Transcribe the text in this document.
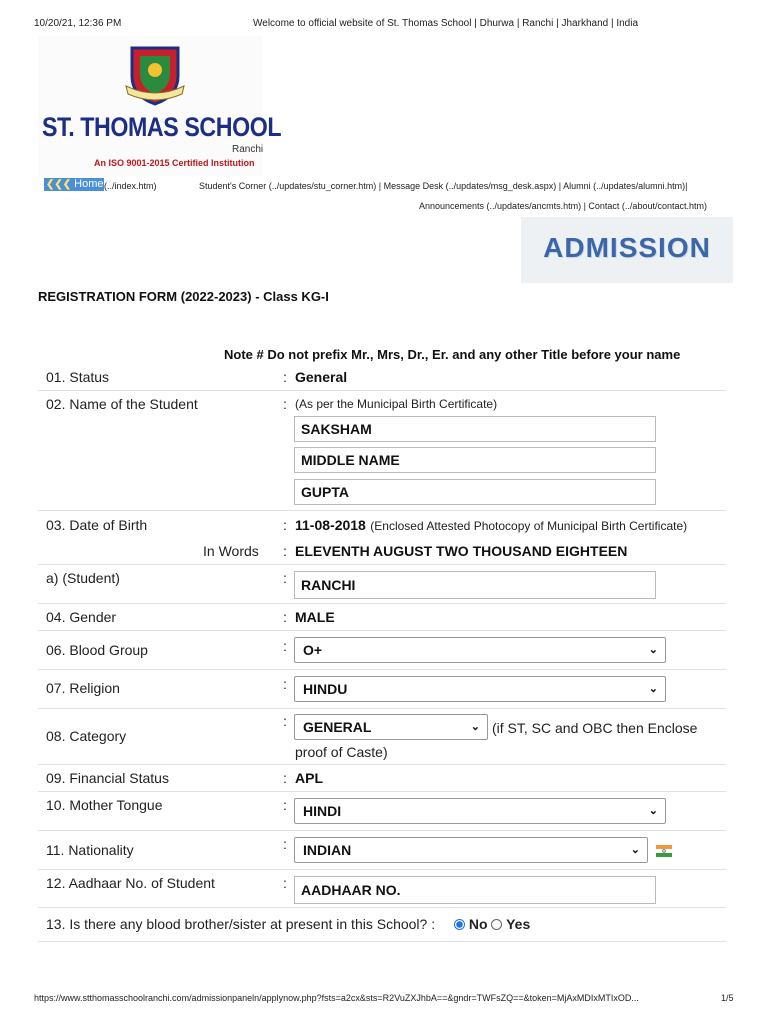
10/20/21, 12:36 PM	Welcome to official website of St. Thomas School | Dhurwa | Ranchi | Jharkhand | India
ST. THOMAS SCHOOL
Ranchi
An ISO 9001-2015 Certified Institution
❮❮❮ Home (../index.htm)	Student's Corner (../updates/stu_corner.htm) | Message Desk (../updates/msg_desk.aspx) | Alumni (../updates/alumni.htm)|
Announcements (../updates/ancmts.htm) | Contact (../about/contact.htm)
ADMISSION
REGISTRATION FORM (2022-2023) - Class KG-I
Note # Do not prefix Mr., Mrs, Dr., Er. and any other Title before your name
01. Status	: General
02. Name of the Student	: (As per the Municipal Birth Certificate)
SAKSHAM
MIDDLE NAME
GUPTA
03. Date of Birth	: 11-08-2018 (Enclosed Attested Photocopy of Municipal Birth Certificate)
In Words : ELEVENTH AUGUST TWO THOUSAND EIGHTEEN
a) (Student)	:	RANCHI
04. Gender	: MALE
06. Blood Group	:	O+	⌄
07. Religion	:	HINDU	⌄
08. Category
:	GENERAL	⌄ (if ST, SC and OBC then Enclose
proof of Caste)
09. Financial Status	: APL
10. Mother Tongue	:	HINDI	⌄
11. Nationality	:	INDIAN	⌄
12. Aadhaar No. of Student	:	AADHAAR NO.
13. Is there any blood brother/sister at present in this School? :	No Yes
https://www.stthomasschoolranchi.com/admissionpaneln/applynow.php?fsts=a2cx&sts=R2VuZXJhbA==&gndr=TWFsZQ==&token=MjAxMDIxMTIxOD...	1/5
